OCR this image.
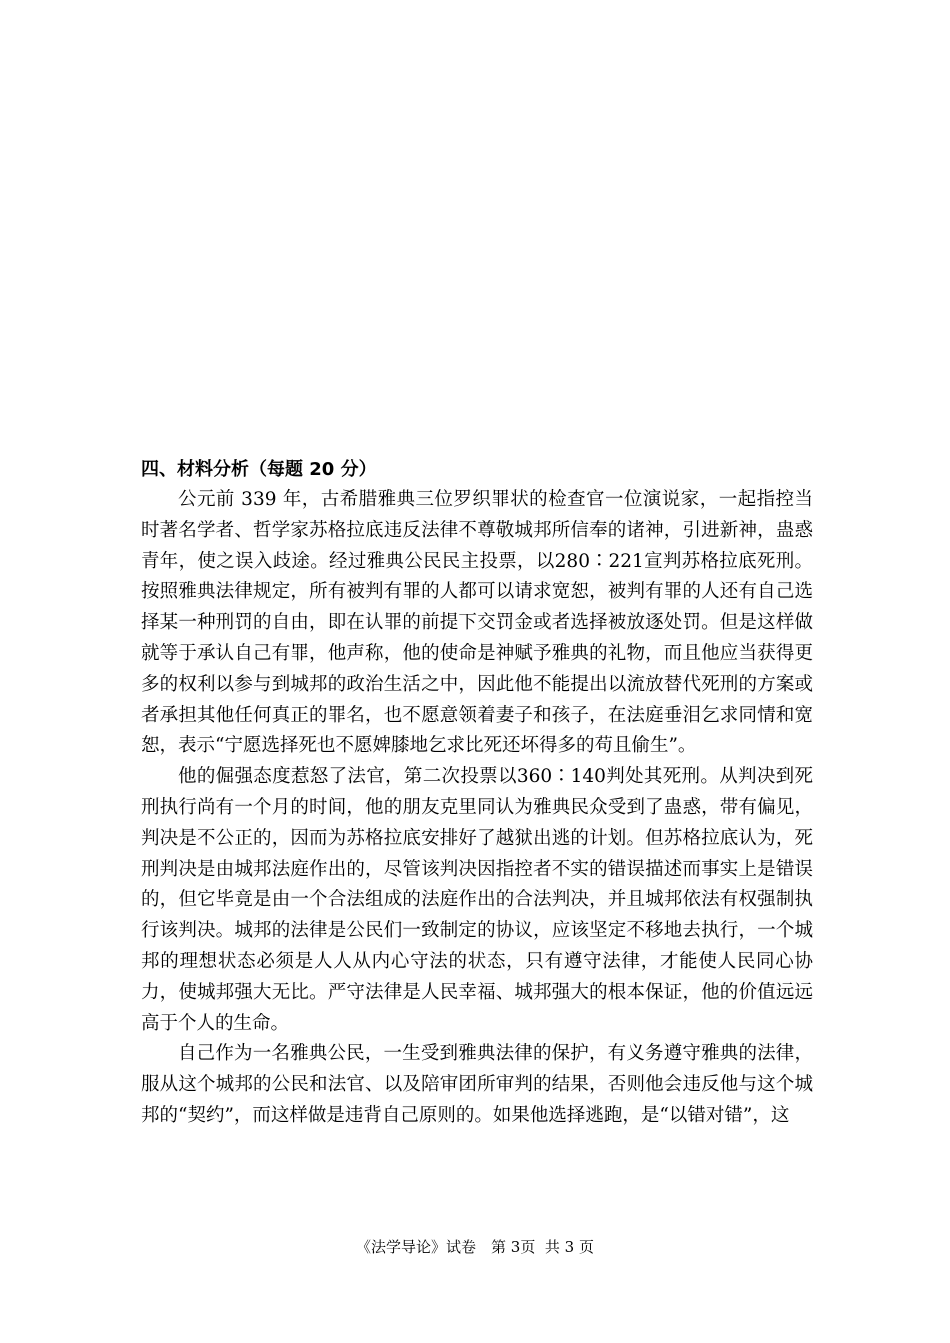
四、材料分析（每题 20 分）

公元前 339 年，古希腊雅典三位罗织罪状的检查官一位演说家，一起指控当时著名学者、哲学家苏格拉底违反法律不尊敬城邦所信奉的诸神，引进新神，蛊惑青年，使之误入歧途。经过雅典公民民主投票，以280∶221宣判苏格拉底死刑。按照雅典法律规定，所有被判有罪的人都可以请求宽恕，被判有罪的人还有自己选择某一种刑罚的自由，即在认罪的前提下交罚金或者选择被放逐处罚。但是这样做就等于承认自己有罪，他声称，他的使命是神赋予雅典的礼物，而且他应当获得更多的权利以参与到城邦的政治生活之中，因此他不能提出以流放替代死刑的方案或者承担其他任何真正的罪名，也不愿意领着妻子和孩子，在法庭垂泪乞求同情和宽恕，表示“宁愿选择死也不愿婢膝地乞求比死还坏得多的苟且偷生”。

他的倔强态度惹怒了法官，第二次投票以360∶140判处其死刑。从判决到死刑执行尚有一个月的时间，他的朋友克里同认为雅典民众受到了蛊惑，带有偏见，判决是不公正的，因而为苏格拉底安排好了越狱出逃的计划。但苏格拉底认为，死刑判决是由城邦法庭作出的，尽管该判决因指控者不实的错误描述而事实上是错误的，但它毕竟是由一个合法组成的法庭作出的合法判决，并且城邦依法有权强制执行该判决。城邦的法律是公民们一致制定的协议，应该坚定不移地去执行，一个城邦的理想状态必须是人人从内心守法的状态，只有遵守法律，才能使人民同心协力，使城邦强大无比。严守法律是人民幸福、城邦强大的根本保证，他的价值远远高于个人的生命。

自己作为一名雅典公民，一生受到雅典法律的保护，有义务遵守雅典的法律，服从这个城邦的公民和法官、以及陪审团所审判的结果，否则他会违反他与这个城邦的“契约”，而这样做是违背自己原则的。如果他选择逃跑，是“以错对错”，这

《法学导论》试卷　第 3页  共 3 页
